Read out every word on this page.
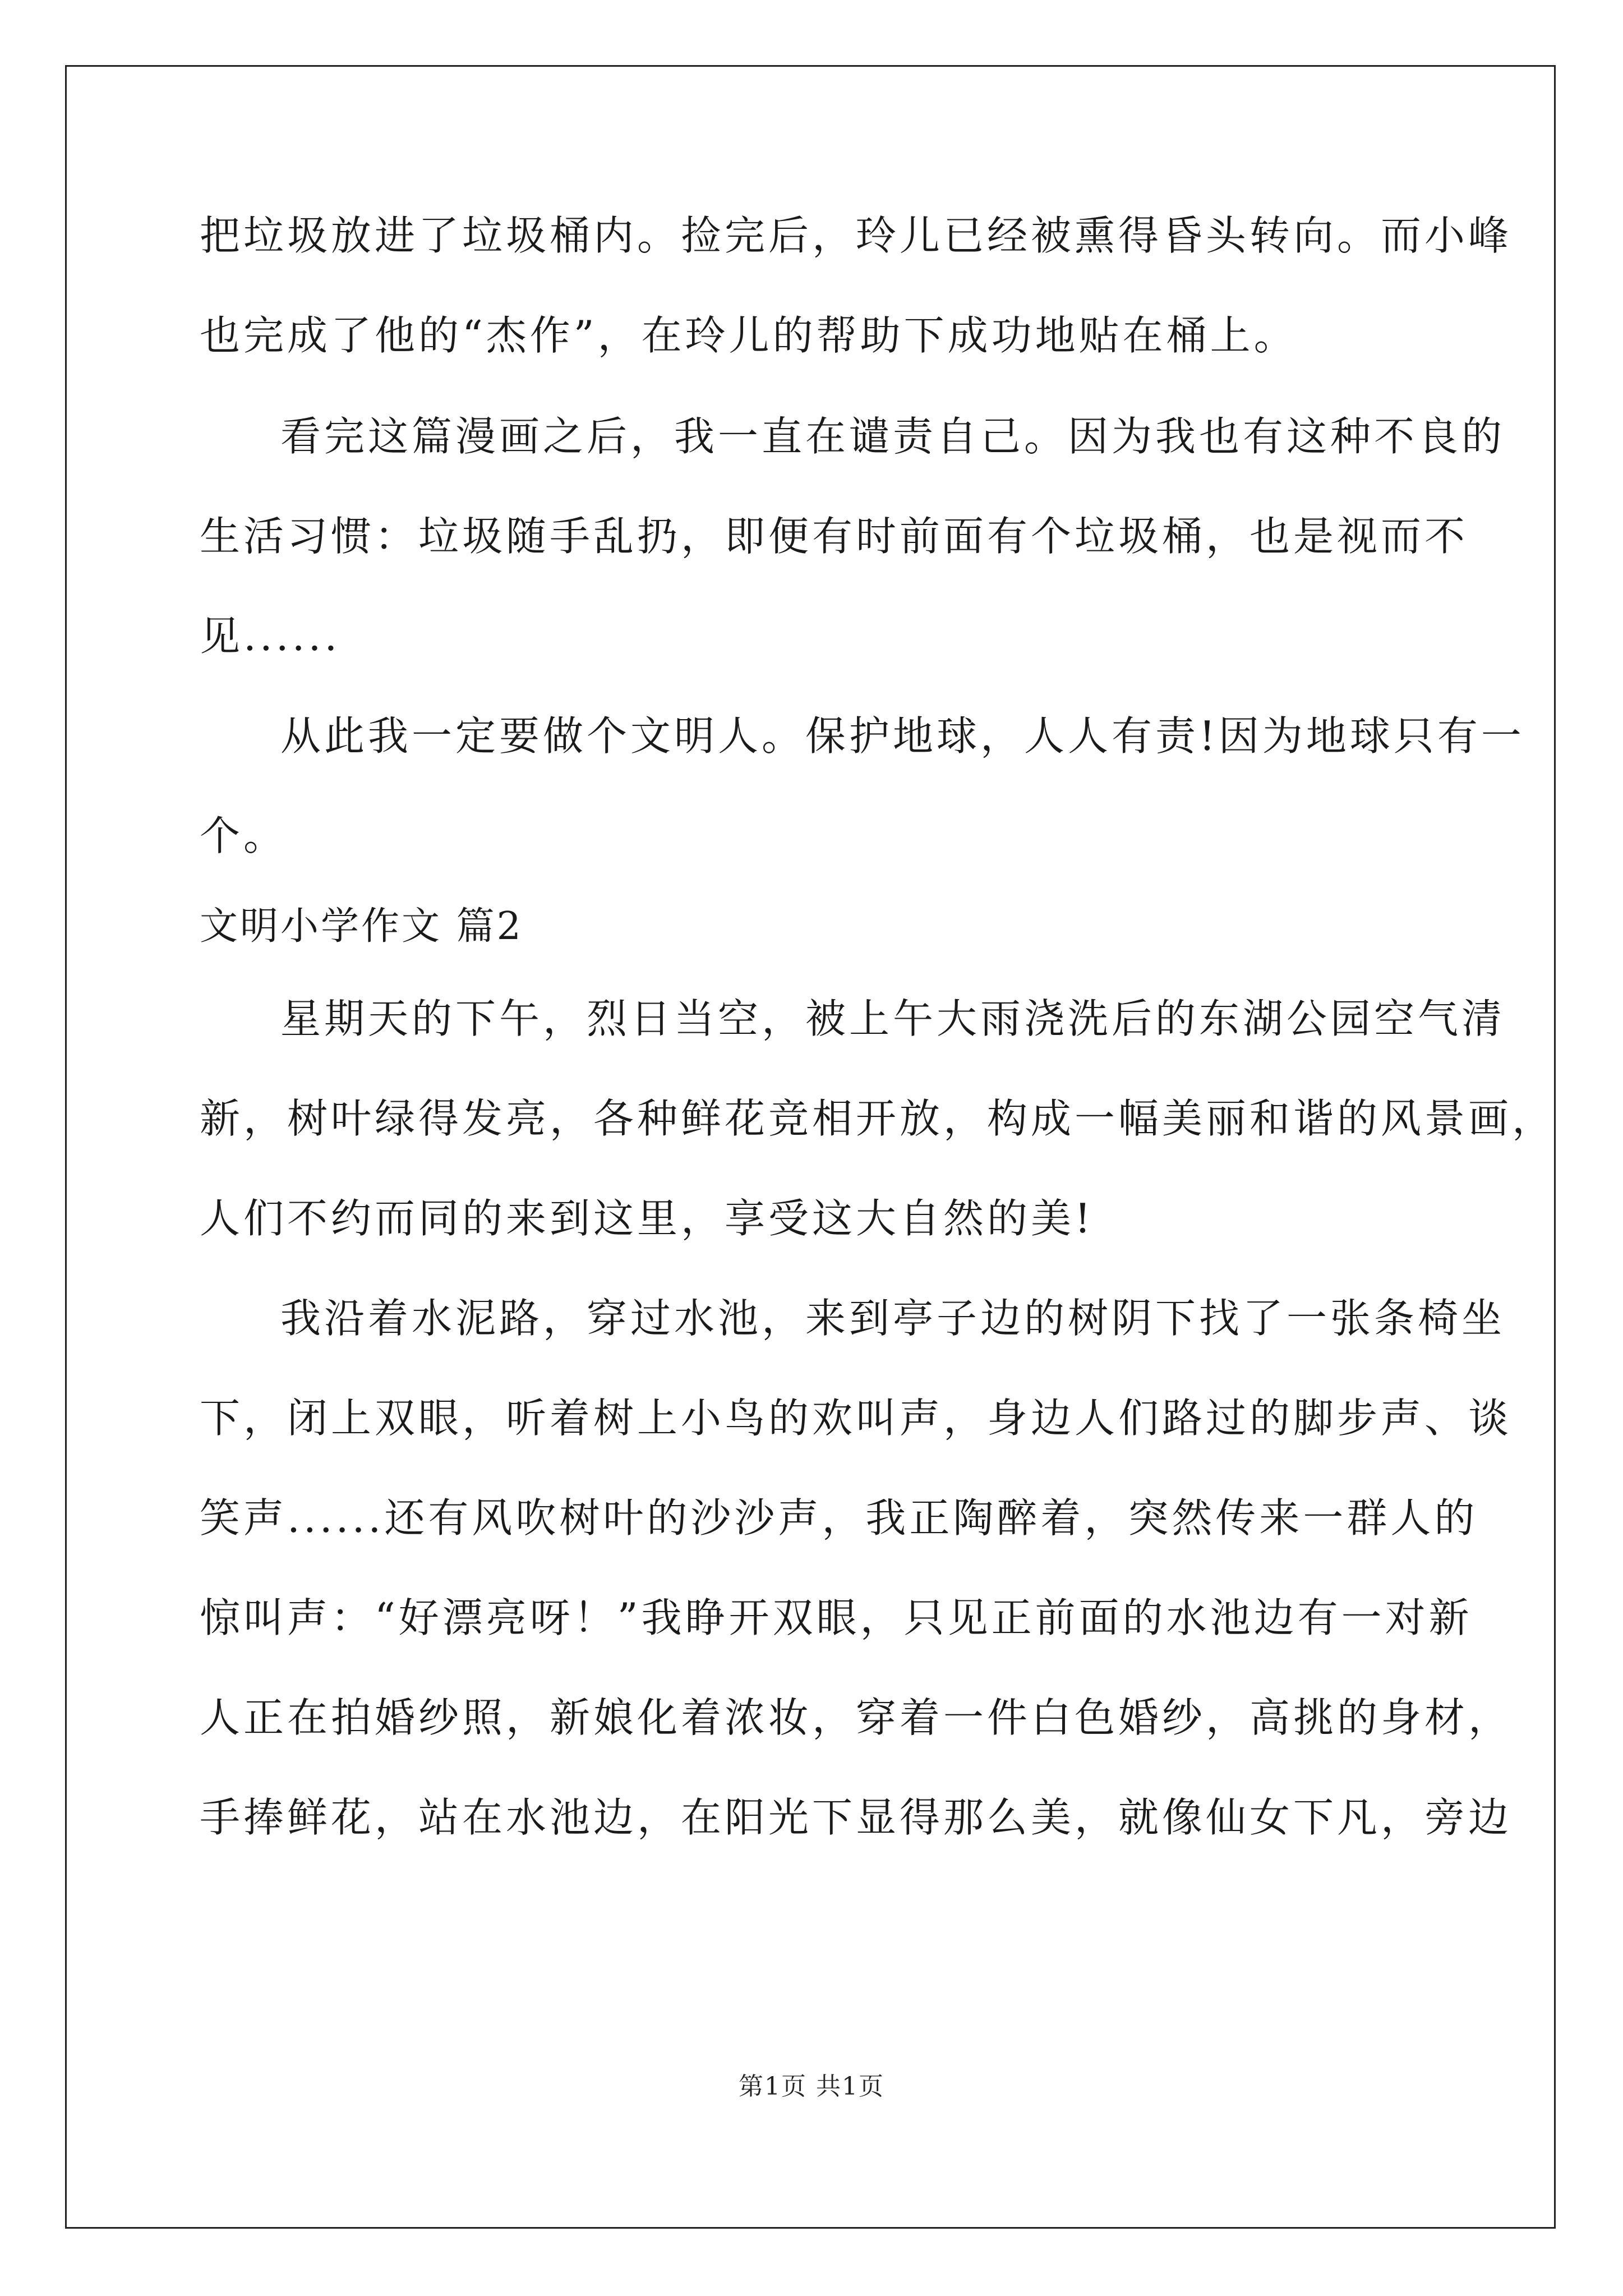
把垃圾放进了垃圾桶内。捡完后，玲儿已经被熏得昏头转向。而小峰
也完成了他的“杰作”，在玲儿的帮助下成功地贴在桶上。
看完这篇漫画之后，我一直在谴责自己。因为我也有这种不良的
生活习惯：垃圾随手乱扔，即便有时前面有个垃圾桶，也是视而不
见......
从此我一定要做个文明人。保护地球，人人有责!因为地球只有一
个。
文明小学作文 篇2
星期天的下午，烈日当空，被上午大雨浇洗后的东湖公园空气清
新，树叶绿得发亮，各种鲜花竞相开放，构成一幅美丽和谐的风景画，
人们不约而同的来到这里，享受这大自然的美!
我沿着水泥路，穿过水池，来到亭子边的树阴下找了一张条椅坐
下，闭上双眼，听着树上小鸟的欢叫声，身边人们路过的脚步声、谈
笑声......还有风吹树叶的沙沙声，我正陶醉着，突然传来一群人的
惊叫声：“好漂亮呀！”我睁开双眼，只见正前面的水池边有一对新
人正在拍婚纱照，新娘化着浓妆，穿着一件白色婚纱，高挑的身材，
手捧鲜花，站在水池边，在阳光下显得那么美，就像仙女下凡，旁边
第1页 共1页
